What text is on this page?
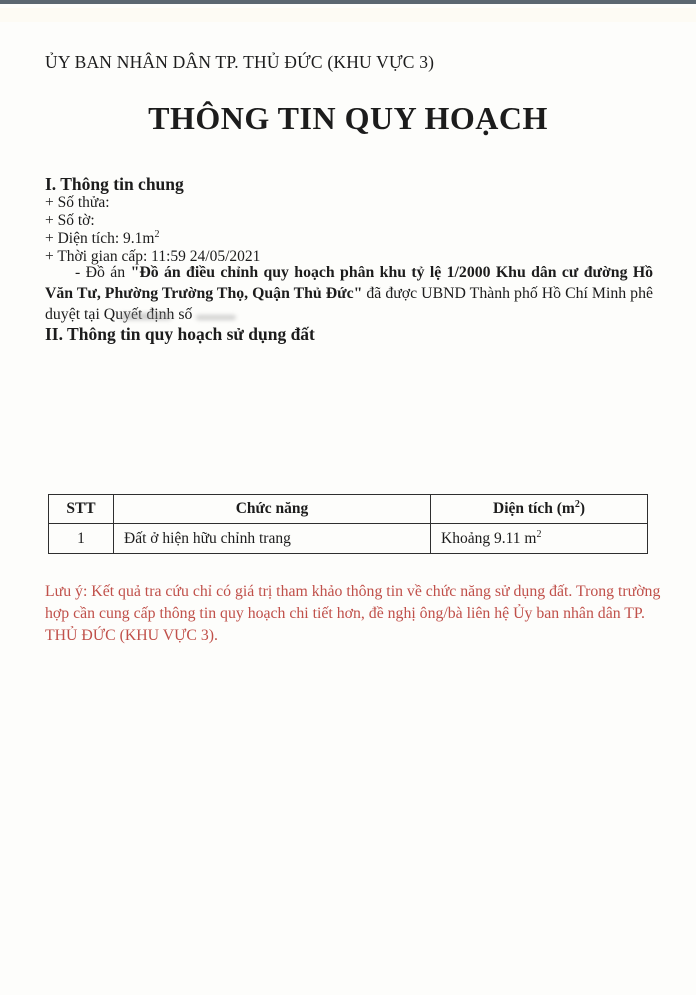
ỦY BAN NHÂN DÂN TP. THỦ ĐỨC (KHU VỰC 3)
THÔNG TIN QUY HOẠCH
I. Thông tin chung
+ Số thửa:
+ Số tờ:
+ Diện tích: $9.1m^2$
+ Thời gian cấp: 11:59 24/05/2021
- Đồ án "Đồ án điều chỉnh quy hoạch phân khu tỷ lệ 1/2000 Khu dân cư đường Hồ Văn Tư, Phường Trường Thọ, Quận Thủ Đức" đã được UBND Thành phố Hồ Chí Minh phê duyệt tại Quyết định số
II. Thông tin quy hoạch sử dụng đất
STT	Chức năng	Diện tích $(m^2)$
1	Đất ở hiện hữu chỉnh trang	Khoảng 9.11 $m^2$
Lưu ý: Kết quả tra cứu chỉ có giá trị tham khảo thông tin về chức năng sử dụng đất. Trong trường hợp cần cung cấp thông tin quy hoạch chi tiết hơn, đề nghị ông/bà liên hệ Ủy ban nhân dân TP. THỦ ĐỨC (KHU VỰC 3).
